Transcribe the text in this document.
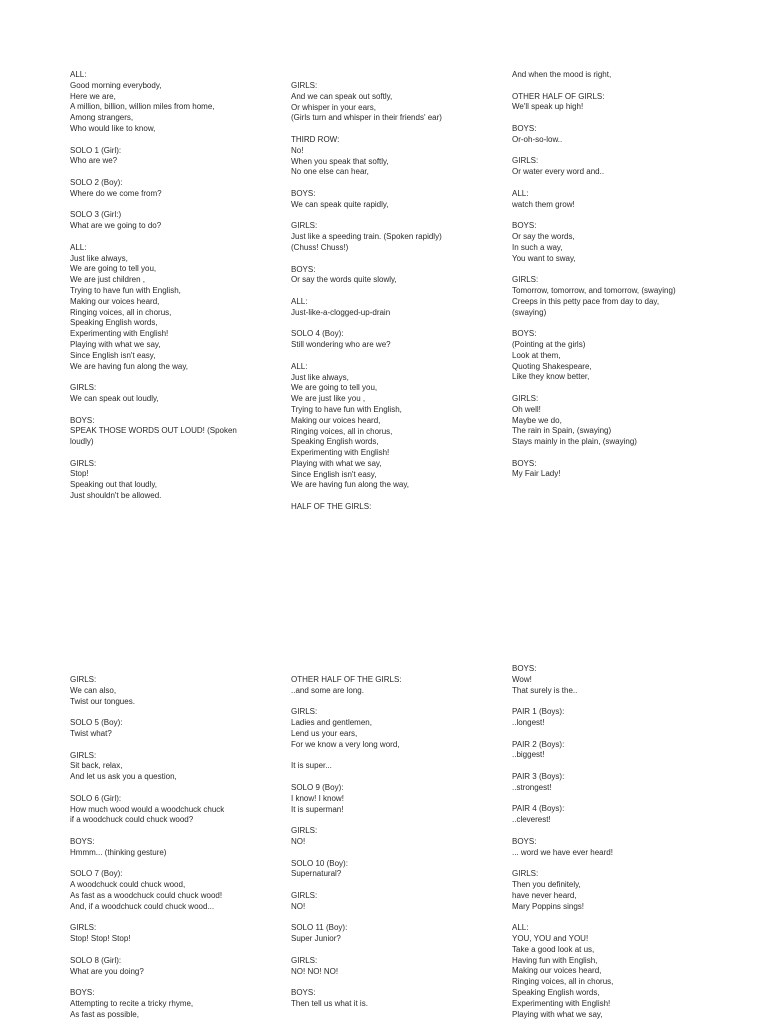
ALL:

Good morning everybody,

Here we are,

A million, billion, willion miles from home,

Among strangers,

Who would like to know,

SOLO 1 (Girl):

Who are we?

SOLO 2 (Boy):

Where do we come from?

SOLO 3 (Girl:)

What are we going to do?

ALL:

Just like always,

We are going to tell you,

We are just children ,

Trying to have fun with English,

Making our voices heard,

Ringing voices, all in chorus,

Speaking English words,

Experimenting with English!

Playing with what we say,

Since English isn't easy,

We are having fun along the way,

GIRLS:

We can speak out loudly,

BOYS:

SPEAK THOSE WORDS OUT LOUD! (Spoken

loudly)

GIRLS:

Stop!

Speaking out that loudly,

Just shouldn't be allowed.

GIRLS:

And we can speak out softly,

Or whisper in your ears,

(Girls turn and whisper in their friends' ear)

THIRD ROW:

No!

When you speak that softly,

No one else can hear,

BOYS:

We can speak quite rapidly,

GIRLS:

Just like a speeding train. (Spoken rapidly)

(Chuss! Chuss!)

BOYS:

Or say the words quite slowly,

ALL:

Just-like-a-clogged-up-drain

SOLO 4 (Boy):

Still wondering who are we?

ALL:

Just like always,

We are going to tell you,

We are just like you ,

Trying to have fun with English,

Making our voices heard,

Ringing voices, all in chorus,

Speaking English words,

Experimenting with English!

Playing with what we say,

Since English isn't easy,

We are having fun along the way,

HALF OF THE GIRLS:

And when the mood is right,

OTHER HALF OF GIRLS:

We'll speak up high!

BOYS:

Or-oh-so-low..

GIRLS:

Or water every word and..

ALL:

watch them grow!

BOYS:

Or say the words,

In such a way,

You want to sway,

GIRLS:

Tomorrow, tomorrow, and tomorrow, (swaying)

Creeps in this petty pace from day to day,

(swaying)

BOYS:

(Pointing at the girls)

Look at them,

Quoting Shakespeare,

Like they know better,

GIRLS:

Oh well!

Maybe we do,

The rain in Spain, (swaying)

Stays mainly in the plain, (swaying)

BOYS:

My Fair Lady!

GIRLS:

We can also,

Twist our tongues.

SOLO 5 (Boy):

Twist what?

GIRLS:

Sit back, relax,

And let us ask you a question,

SOLO 6 (Girl):

How much wood would a woodchuck chuck

if a woodchuck could chuck wood?

BOYS:

Hmmm... (thinking gesture)

SOLO 7 (Boy):

A woodchuck could chuck wood,

As fast as a woodchuck could chuck wood!

And, if a woodchuck could chuck wood...

GIRLS:

Stop! Stop! Stop!

SOLO 8 (Girl):

What are you doing?

BOYS:

Attempting to recite a tricky rhyme,

As fast as possible,

OTHER HALF OF THE GIRLS:

..and some are long.

GIRLS:

Ladies and gentlemen,

Lend us your ears,

For we know a very long word,

It is super...

SOLO 9 (Boy):

I know! I know!

It is superman!

GIRLS:

NO!

SOLO 10 (Boy):

Supernatural?

GIRLS:

NO!

SOLO 11 (Boy):

Super Junior?

GIRLS:

NO! NO! NO!

BOYS:

Then tell us what it is.

BOYS:

Wow!

That surely is the..

PAIR 1 (Boys):

..longest!

PAIR 2 (Boys):

..biggest!

PAIR 3 (Boys):

..strongest!

PAIR 4 (Boys):

..cleverest!

BOYS:

... word we have ever heard!

GIRLS:

Then you definitely,

have never heard,

Mary Poppins sings!

ALL:

YOU, YOU and YOU!

Take a good look at us,

Having fun with English,

Making our voices heard,

Ringing voices, all in chorus,

Speaking English words,

Experimenting with English!

Playing with what we say,
